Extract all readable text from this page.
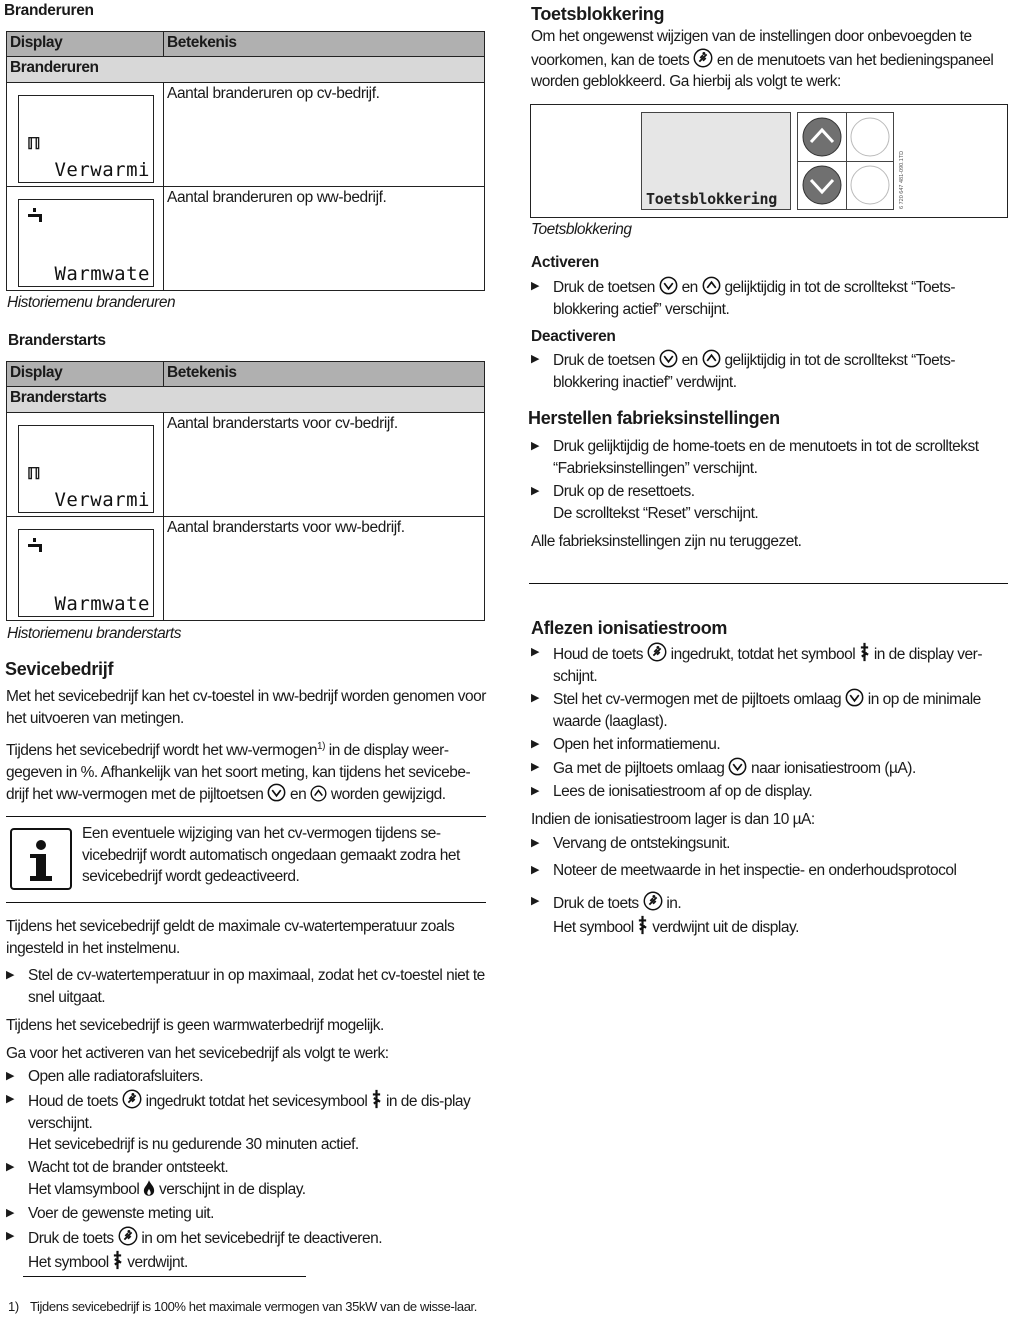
Branderuren
Display	Betekenis
Branderuren	

ℿ
Verwarmi	Aantal branderuren op cv-bedrijf.

Warmwate	Aantal branderuren op ww-bedrijf.
Historiemenu branderuren
Branderstarts
Display	Betekenis
Branderstarts	

ℿ
Verwarmi	Aantal branderstarts voor cv-bedrijf.

Warmwate	Aantal branderstarts voor ww-bedrijf.
Historiemenu branderstarts
Sevicebedrijf
Met het sevicebedrijf kan het cv-toestel in ww-bedrijf worden genomen voor het uitvoeren van metingen.
Tijdens het sevicebedrijf wordt het ww-vermogen$^{1)}$ in de display weer-gegeven in %. Afhankelijk van het soort meting, kan tijdens het sevicebe-drijf het ww-vermogen met de pijltoetsen en worden gewijzigd.
Een eventuele wijziging van het cv-vermogen tijdens se-vicebedrijf wordt automatisch ongedaan gemaakt zodra het sevicebedrijf wordt gedeactiveerd.
Tijdens het sevicebedrijf geldt de maximale cv-watertemperatuur zoals ingesteld in het instelmenu.
▶ Stel de cv-watertemperatuur in op maximaal, zodat het cv-toestel niet te snel uitgaat.
Tijdens het sevicebedrijf is geen warmwaterbedrijf mogelijk.
Ga voor het activeren van het sevicebedrijf als volgt te werk:
▶ Open alle radiatorafsluiters.
▶ Houd de toets ingedrukt totdat het sevicesymbool in de dis-play verschijnt.
Het sevicebedrijf is nu gedurende 30 minuten actief.
▶ Wacht tot de brander ontsteekt.
Het vlamsymbool verschijnt in de display.
▶ Voer de gewenste meting uit.
▶ Druk de toets in om het sevicebedrijf te deactiveren.
Het symbool verdwijnt.
1) Tijdens sevicebedrijf is 100% het maximale vermogen van 35kW van de wisse-laar.
Toetsblokkering
Om het ongewenst wijzigen van de instellingen door onbevoegden te voorkomen, kan de toets en de menutoets van het bedieningspaneel worden geblokkeerd. Ga hierbij als volgt te werk:
Toetsblokkering	6 720 647 481-090.1TD
Toetsblokkering
Activeren
▶ Druk de toetsen en gelijktijdig in tot de scrolltekst “Toets-blokkering actief” verschijnt.
Deactiveren
▶ Druk de toetsen en gelijktijdig in tot de scrolltekst “Toets-blokkering inactief” verdwijnt.
Herstellen fabrieksinstellingen
▶ Druk gelijktijdig de home-toets en de menutoets in tot de scrolltekst “Fabrieksinstellingen” verschijnt.
▶ Druk op de resettoets.
De scrolltekst “Reset” verschijnt.
Alle fabrieksinstellingen zijn nu teruggezet.
Aflezen ionisatiestroom
▶ Houd de toets ingedrukt, totdat het symbool in de display ver-schijnt.
▶ Stel het cv-vermogen met de pijltoets omlaag in op de minimale waarde (laaglast).
▶ Open het informatiemenu.
▶ Ga met de pijltoets omlaag naar ionisatiestroom (µA).
▶ Lees de ionisatiestroom af op de display.
Indien de ionisatiestroom lager is dan 10 µA:
▶ Vervang de ontstekingsunit.
▶ Noteer de meetwaarde in het inspectie- en onderhoudsprotocol
▶ Druk de toets in.
Het symbool verdwijnt uit de display.
